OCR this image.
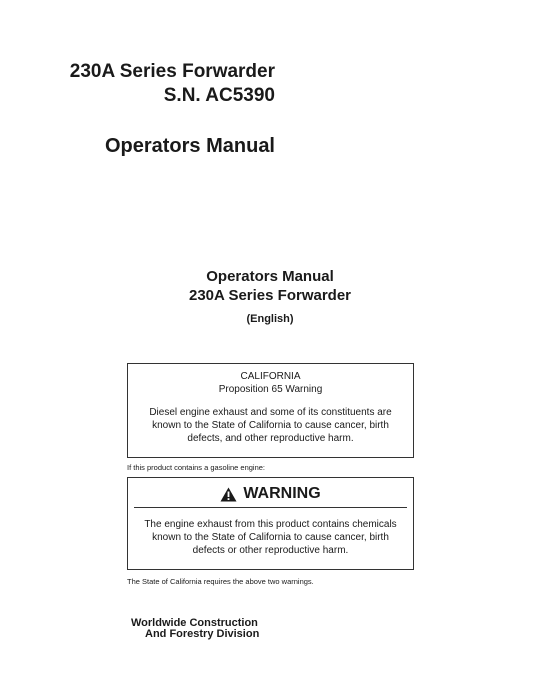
230A Series Forwarder
S.N. AC5390
Operators Manual
Operators Manual
230A Series Forwarder
(English)
CALIFORNIA
Proposition 65 Warning
Diesel engine exhaust and some of its constituents are known to the State of California to cause cancer, birth defects, and other reproductive harm.
If this product contains a gasoline engine:
WARNING
The engine exhaust from this product contains chemicals known to the State of California to cause cancer, birth defects or other reproductive harm.
The State of California requires the above two warnings.
Worldwide Construction
And Forestry Division
